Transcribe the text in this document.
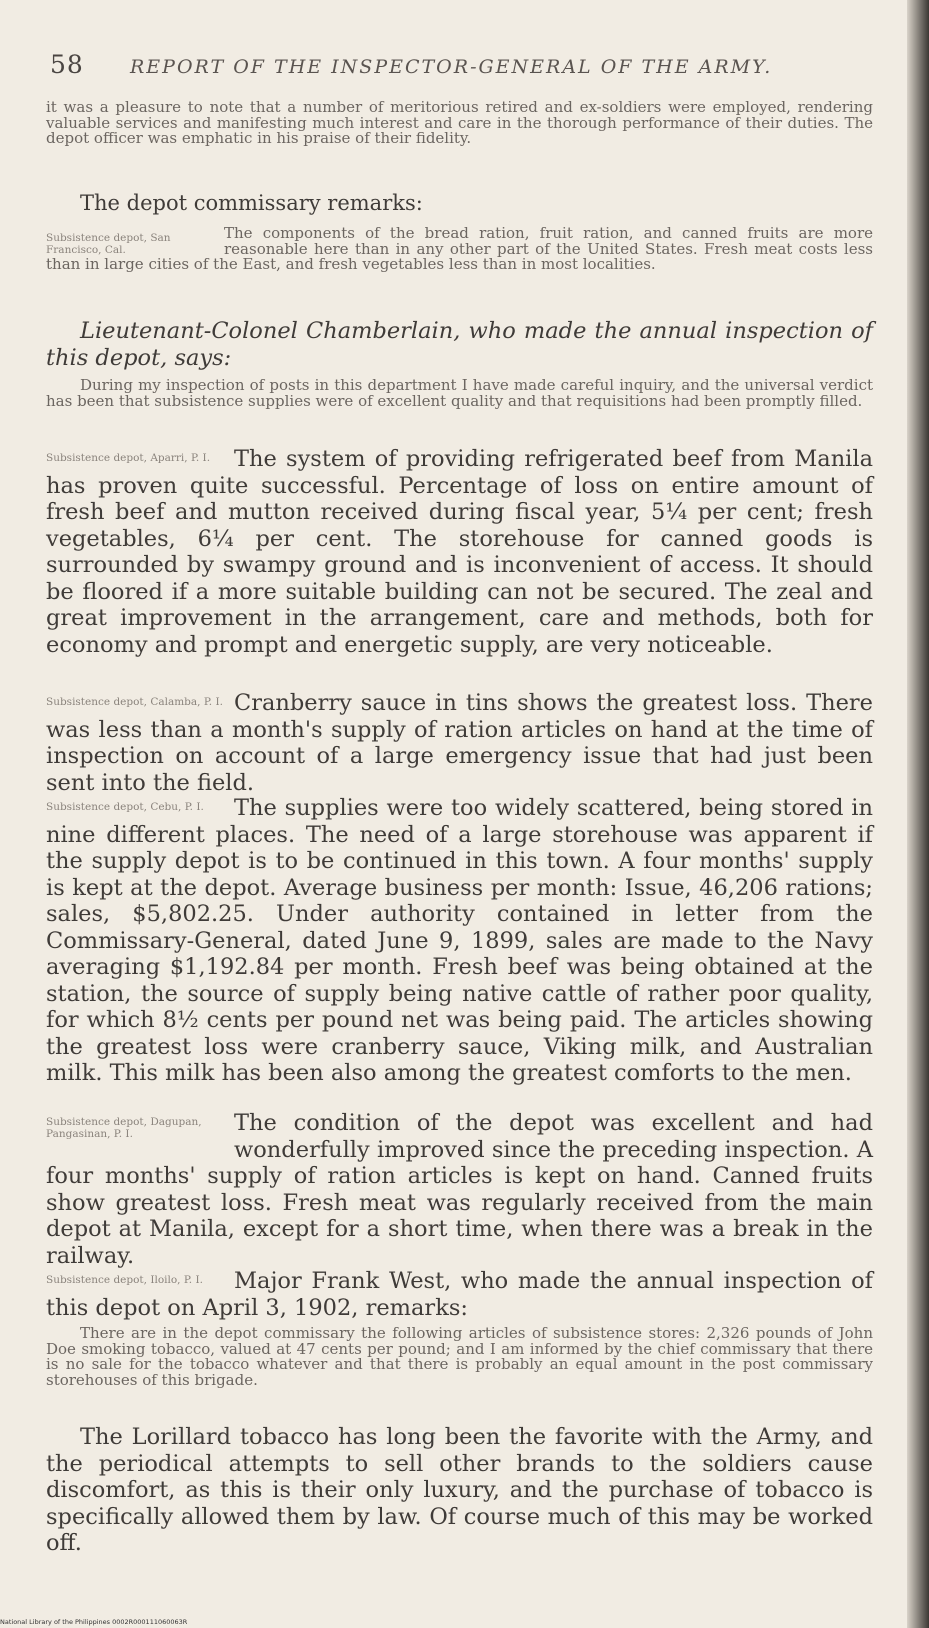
58 REPORT OF THE INSPECTOR-GENERAL OF THE ARMY.

it was a pleasure to note that a number of meritorious retired and ex-soldiers were employed, rendering valuable services and manifesting much interest and care in the thorough performance of their duties. The depot officer was emphatic in his praise of their fidelity.

The depot commissary remarks:

Subsistence depot, San Francisco, Cal.

The components of the bread ration, fruit ration, and canned fruits are more reasonable here than in any other part of the United States. Fresh meat costs less than in large cities of the East, and fresh vegetables less than in most localities.

Lieutenant-Colonel Chamberlain, who made the annual inspection of this depot, says:

During my inspection of posts in this department I have made careful inquiry, and the universal verdict has been that subsistence supplies were of excellent quality and that requisitions had been promptly filled.

Subsistence depot, Aparri, P. I.	The system of providing refrigerated beef from Manila has proven quite successful. Percentage of loss on entire amount of fresh beef and mutton received during fiscal year, 5¼ per cent; fresh vegetables, 6¼ per cent. The storehouse for canned goods is surrounded by swampy ground and is inconvenient of access. It should be floored if a more suitable building can not be secured. The zeal and great improvement in the arrangement, care and methods, both for economy and prompt and energetic supply, are very noticeable.

Subsistence depot, Calamba, P. I. Cranberry sauce in tins shows the greatest loss. There was less than a month's supply of ration articles on hand at the time of inspection on account of a large emergency issue that had just been sent into the field.

Subsistence depot, Cebu, P. I.	The supplies were too widely scattered, being stored in nine different places. The need of a large storehouse was apparent if the supply depot is to be continued in this town. A four months' supply is kept at the depot. Average business per month: Issue, 46,206 rations; sales, $5,802.25. Under authority contained in letter from the Commissary-General, dated June 9, 1899, sales are made to the Navy averaging $1,192.84 per month. Fresh beef was being obtained at the station, the source of supply being native cattle of rather poor quality, for which 8½ cents per pound net was being paid. The articles showing the greatest loss were cranberry sauce, Viking milk, and Australian milk. This milk has been also among the greatest comforts to the men.

Subsistence depot, Dagupan, Pangasinan, P. I.	The condition of the depot was excellent and had wonderfully improved since the preceding inspection. A four months' supply of ration articles is kept on hand. Canned fruits show greatest loss. Fresh meat was regularly received from the main depot at Manila, except for a short time, when there was a break in the railway.

Subsistence depot, Iloilo, P. I.	Major Frank West, who made the annual inspection of this depot on April 3, 1902, remarks:

There are in the depot commissary the following articles of subsistence stores: 2,326 pounds of John Doe smoking tobacco, valued at 47 cents per pound; and I am informed by the chief commissary that there is no sale for the tobacco whatever and that there is probably an equal amount in the post commissary storehouses of this brigade.

The Lorillard tobacco has long been the favorite with the Army, and the periodical attempts to sell other brands to the soldiers cause discomfort, as this is their only luxury, and the purchase of tobacco is specifically allowed them by law. Of course much of this may be worked off.

National Library of the Philippines 0002R000111060063R
